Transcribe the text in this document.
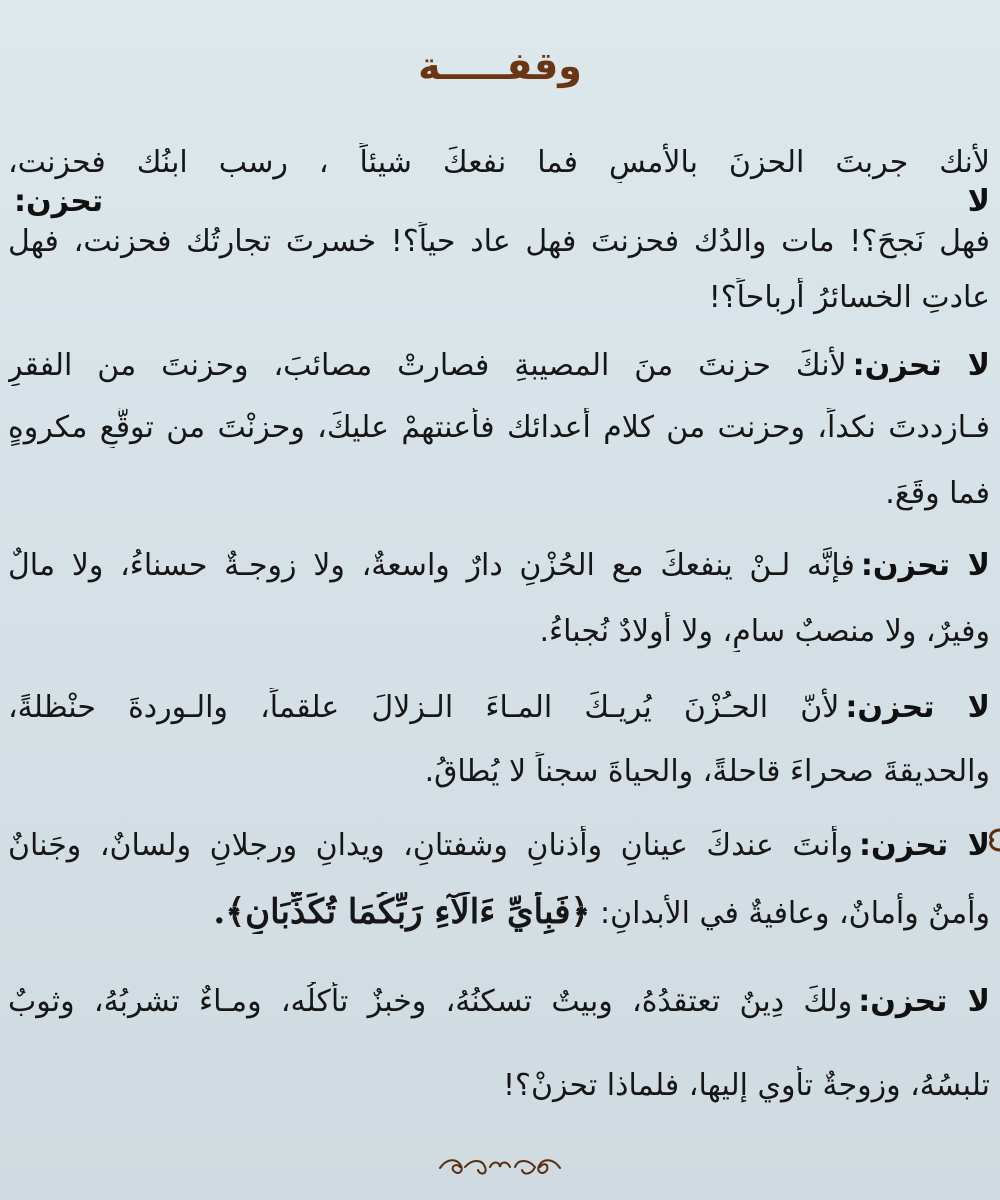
وقفـــــة
لأنك جربتَ الحزنَ بالأمسِ فما نفعكَ شيئاً ، رسب ابنُك فحزنت،
لا تحزن:
فهل نَجحَ؟! مات والدُك فحزنتَ فهل عاد حياً؟! خسرتَ تجارتُك فحزنت، فهل
عادتِ الخسائرُ أرباحاً؟!
لا تحزن:لأنكَ حزنتَ منَ المصيبةِ فصارتْ مصائبَ، وحزنتَ من الفقرِ
فـازددتَ نكداً، وحزنت من كلام أعدائك فأعنتهمْ عليكَ، وحزنْتَ من توقُّعِ مكروهٍ
فما وقَعَ.
لا تحزن:فإنَّه لـنْ ينفعكَ مع الحُزْنِ دارٌ واسعةٌ، ولا زوجـةٌ حسناءُ، ولا مالٌ
وفيرٌ، ولا منصبٌ سامٍ، ولا أولادٌ نُجباءُ.
لا تحزن:لأنّ الحـُزْنَ يُريـكَ المـاءَ الـزلالَ علقماً، والـوردةَ حنْظلةً،
والحديقةَ صحراءَ قاحلةً، والحياةَ سجناً لا يُطاقُ.
لا تحزن:وأنتَ عندكَ عينانِ وأذنانِ وشفتانِ، ويدانِ ورجلانِ ولسانٌ، وجَنانٌ
وأمنٌ وأمانٌ، وعافيةٌ في الأبدانِ: ﴿فَبِأَيِّ ءَالَآءِ رَبِّكُمَا تُكَذِّبَانِ﴾.
لا تحزن:ولكَ دِينٌ تعتقدُهُ، وبيتٌ تسكنُهُ، وخبزٌ تأكلُه، ومـاءٌ تشربُهُ، وثوبٌ
تلبسُهُ، وزوجةٌ تأوي إليها، فلماذا تحزنْ؟!
